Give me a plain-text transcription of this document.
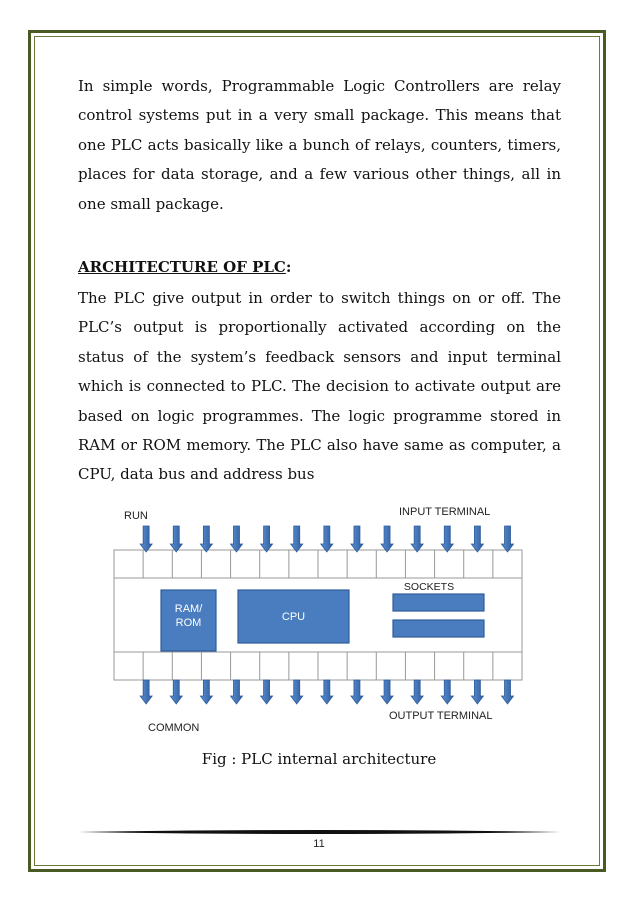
In simple words, Programmable Logic Controllers are relay control systems put in a very small package. This means that one PLC acts basically like a bunch of relays, counters, timers, places for data storage, and a few various other things, all in one small package.
ARCHITECTURE OF PLC:
The PLC give output in order to switch things on or off. The PLC’s output is proportionally activated according on the status of the system’s feedback sensors and input terminal which is connected to PLC. The decision to activate output are based on logic programmes. The logic programme stored in RAM or ROM memory. The PLC also have same as computer, a CPU, data bus and address bus
RAM/
ROM	CPU
SOCKETS
RUN	INPUT TERMINAL
COMMON
OUTPUT TERMINAL
Fig : PLC internal architecture
11
